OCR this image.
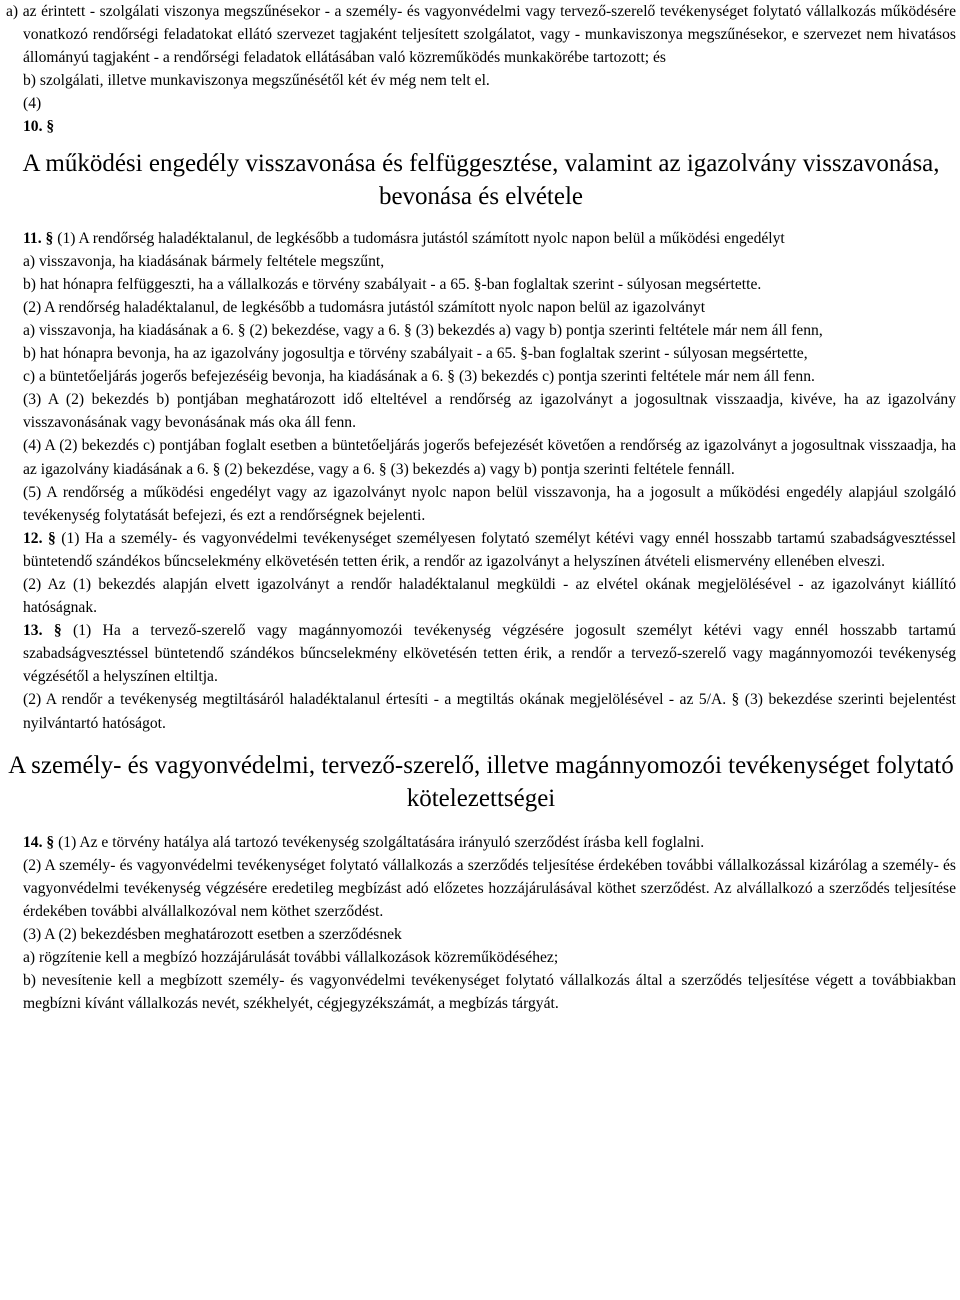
a) az érintett - szolgálati viszonya megszűnésekor - a személy- és vagyonvédelmi vagy tervező-szerelő tevékenységet folytató vállalkozás működésére vonatkozó rendőrségi feladatokat ellátó szervezet tagjaként teljesített szolgálatot, vagy - munkaviszonya megszűnésekor, e szervezet nem hivatásos állományú tagjaként - a rendőrségi feladatok ellátásában való közreműködés munkakörébe tartozott; és

b) szolgálati, illetve munkaviszonya megszűnésétől két év még nem telt el.

(4)

10. §

A működési engedély visszavonása és felfüggesztése, valamint az igazolvány visszavonása, bevonása és elvétele

11. § (1) A rendőrség haladéktalanul, de legkésőbb a tudomásra jutástól számított nyolc napon belül a működési engedélyt

a) visszavonja, ha kiadásának bármely feltétele megszűnt,

b) hat hónapra felfüggeszti, ha a vállalkozás e törvény szabályait - a 65. §-ban foglaltak szerint - súlyosan megsértette.

(2) A rendőrség haladéktalanul, de legkésőbb a tudomásra jutástól számított nyolc napon belül az igazolványt

a) visszavonja, ha kiadásának a 6. § (2) bekezdése, vagy a 6. § (3) bekezdés a) vagy b) pontja szerinti feltétele már nem áll fenn,

b) hat hónapra bevonja, ha az igazolvány jogosultja e törvény szabályait - a 65. §-ban foglaltak szerint - súlyosan megsértette,

c) a büntetőeljárás jogerős befejezéséig bevonja, ha kiadásának a 6. § (3) bekezdés c) pontja szerinti feltétele már nem áll fenn.

(3) A (2) bekezdés b) pontjában meghatározott idő elteltével a rendőrség az igazolványt a jogosultnak visszaadja, kivéve, ha az igazolvány visszavonásának vagy bevonásának más oka áll fenn.

(4) A (2) bekezdés c) pontjában foglalt esetben a büntetőeljárás jogerős befejezését követően a rendőrség az igazolványt a jogosultnak visszaadja, ha az igazolvány kiadásának a 6. § (2) bekezdése, vagy a 6. § (3) bekezdés a) vagy b) pontja szerinti feltétele fennáll.

(5) A rendőrség a működési engedélyt vagy az igazolványt nyolc napon belül visszavonja, ha a jogosult a működési engedély alapjául szolgáló tevékenység folytatását befejezi, és ezt a rendőrségnek bejelenti.

12. § (1) Ha a személy- és vagyonvédelmi tevékenységet személyesen folytató személyt kétévi vagy ennél hosszabb tartamú szabadságvesztéssel büntetendő szándékos bűncselekmény elkövetésén tetten érik, a rendőr az igazolványt a helyszínen átvételi elismervény ellenében elveszi.

(2) Az (1) bekezdés alapján elvett igazolványt a rendőr haladéktalanul megküldi - az elvétel okának megjelölésével - az igazolványt kiállító hatóságnak.

13. § (1) Ha a tervező-szerelő vagy magánnyomozói tevékenység végzésére jogosult személyt kétévi vagy ennél hosszabb tartamú szabadságvesztéssel büntetendő szándékos bűncselekmény elkövetésén tetten érik, a rendőr a tervező-szerelő vagy magánnyomozói tevékenység végzésétől a helyszínen eltiltja.

(2) A rendőr a tevékenység megtiltásáról haladéktalanul értesíti - a megtiltás okának megjelölésével - az 5/A. § (3) bekezdése szerinti bejelentést nyilvántartó hatóságot.

A személy- és vagyonvédelmi, tervező-szerelő, illetve magánnyomozói tevékenységet folytató kötelezettségei

14. § (1) Az e törvény hatálya alá tartozó tevékenység szolgáltatására irányuló szerződést írásba kell foglalni.

(2) A személy- és vagyonvédelmi tevékenységet folytató vállalkozás a szerződés teljesítése érdekében további vállalkozással kizárólag a személy- és vagyonvédelmi tevékenység végzésére eredetileg megbízást adó előzetes hozzájárulásával köthet szerződést. Az alvállalkozó a szerződés teljesítése érdekében további alvállalkozóval nem köthet szerződést.

(3) A (2) bekezdésben meghatározott esetben a szerződésnek

a) rögzítenie kell a megbízó hozzájárulását további vállalkozások közreműködéséhez;

b) nevesítenie kell a megbízott személy- és vagyonvédelmi tevékenységet folytató vállalkozás által a szerződés teljesítése végett a továbbiakban megbízni kívánt vállalkozás nevét, székhelyét, cégjegyzékszámát, a megbízás tárgyát.
